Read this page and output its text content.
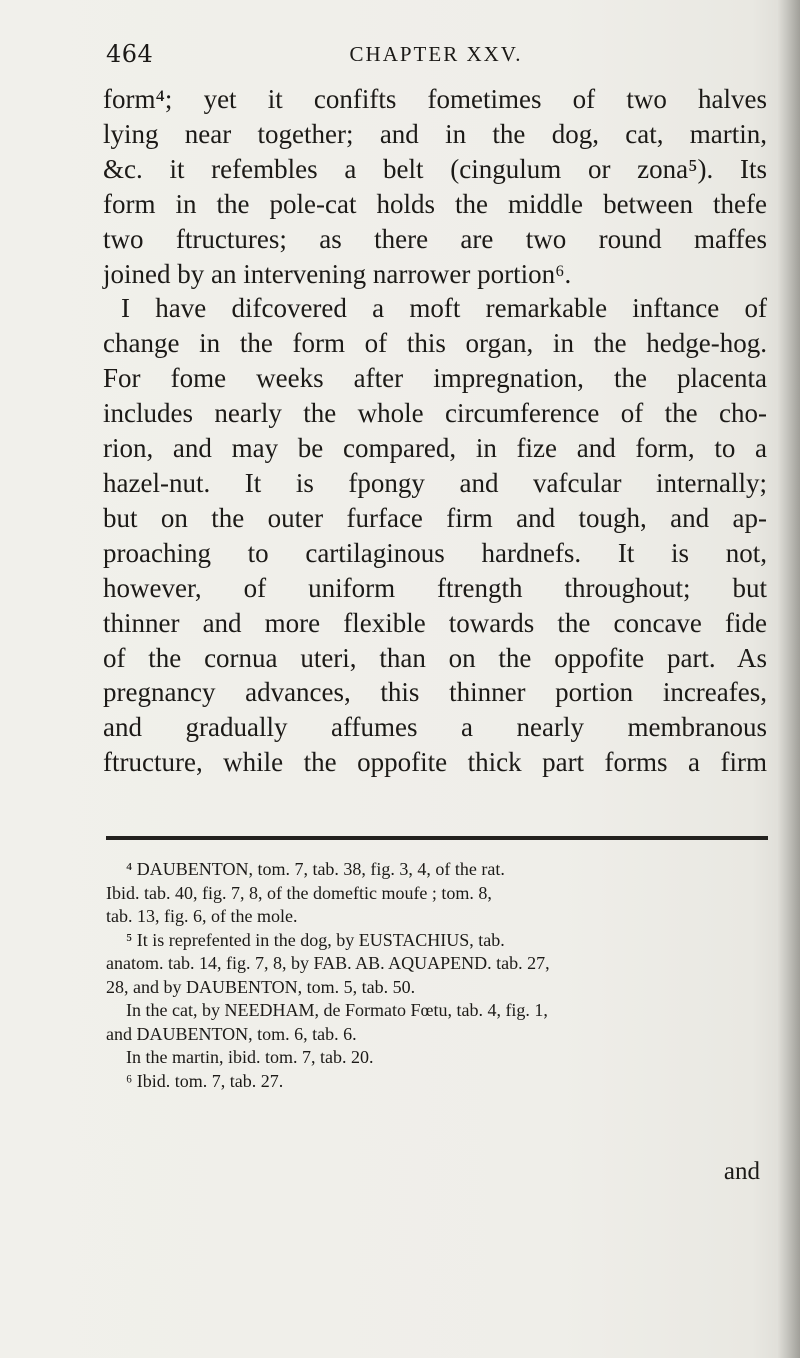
464	CHAPTER XXV.
form⁴; yet it confifts fometimes of two halves
lying near together; and in the dog, cat, martin,
&c. it refembles a belt (cingulum or zona⁵). Its
form in the pole-cat holds the middle between thefe
two ftructures; as there are two round maffes
joined by an intervening narrower portion⁶.
I have difcovered a moft remarkable inftance of
change in the form of this organ, in the hedge-hog.
For fome weeks after impregnation, the placenta
includes nearly the whole circumference of the cho-
rion, and may be compared, in fize and form, to a
hazel-nut. It is fpongy and vafcular internally;
but on the outer furface firm and tough, and ap-
proaching to cartilaginous hardnefs. It is not,
however, of uniform ftrength throughout; but
thinner and more flexible towards the concave fide
of the cornua uteri, than on the oppofite part. As
pregnancy advances, this thinner portion increafes,
and gradually affumes a nearly membranous
ftructure, while the oppofite thick part forms a firm
⁴ DAUBENTON, tom. 7, tab. 38, fig. 3, 4, of the rat.
Ibid. tab. 40, fig. 7, 8, of the domeftic moufe ; tom. 8,
tab. 13, fig. 6, of the mole.
⁵ It is reprefented in the dog, by EUSTACHIUS, tab.
anatom. tab. 14, fig. 7, 8, by FAB. AB. AQUAPEND. tab. 27,
28, and by DAUBENTON, tom. 5, tab. 50.
In the cat, by NEEDHAM, de Formato Fœtu, tab. 4, fig. 1,
and DAUBENTON, tom. 6, tab. 6.
In the martin, ibid. tom. 7, tab. 20.
⁶ Ibid. tom. 7, tab. 27.
and
